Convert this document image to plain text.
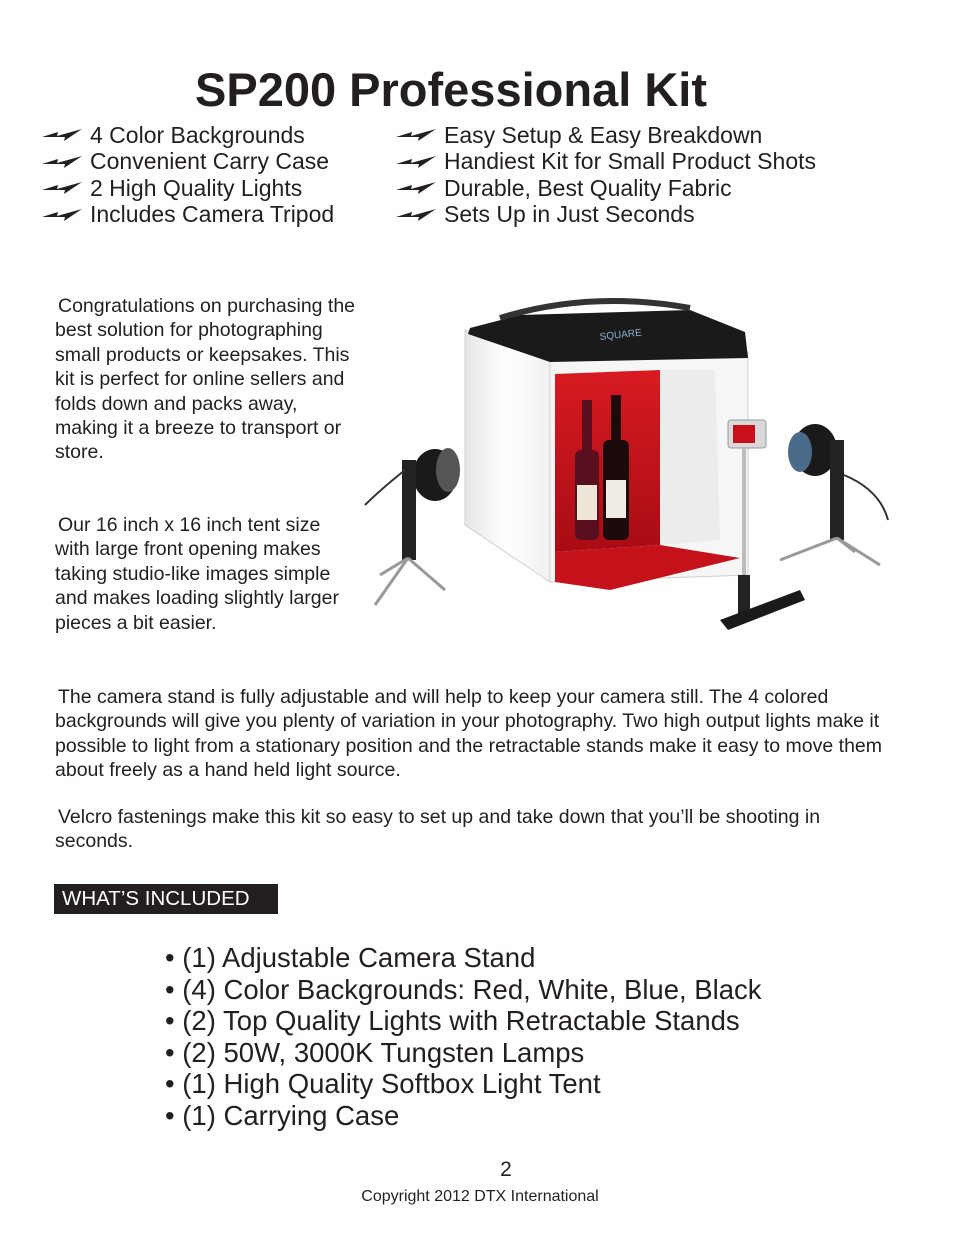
SP200 Professional Kit
4 Color Backgrounds
Convenient Carry Case
2 High Quality Lights
Includes Camera Tripod
Easy Setup & Easy Breakdown
Handiest Kit for Small Product Shots
Durable, Best Quality Fabric
Sets Up in Just Seconds

Congratulations on purchasing the best solution for photographing small products or keepsakes. This kit is perfect for online sellers and folds down and packs away, making it a breeze to transport or store.

Our 16 inch x 16 inch tent size with large front opening makes taking studio-like images simple and makes loading slightly larger pieces a bit easier.

The camera stand is fully adjustable and will help to keep your camera still. The 4 colored backgrounds will give you plenty of variation in your photography. Two high output lights make it possible to light from a stationary position and the retractable stands make it easy to move them about freely as a hand held light source.

Velcro fastenings make this kit so easy to set up and take down that you’ll be shooting in seconds.

SQUARE
WHAT’S INCLUDED
• (1) Adjustable Camera Stand
• (4) Color Backgrounds: Red, White, Blue, Black
• (2) Top Quality Lights with Retractable Stands
• (2) 50W, 3000K Tungsten Lamps
• (1) High Quality Softbox Light Tent
• (1) Carrying Case
2
Copyright 2012 DTX International
